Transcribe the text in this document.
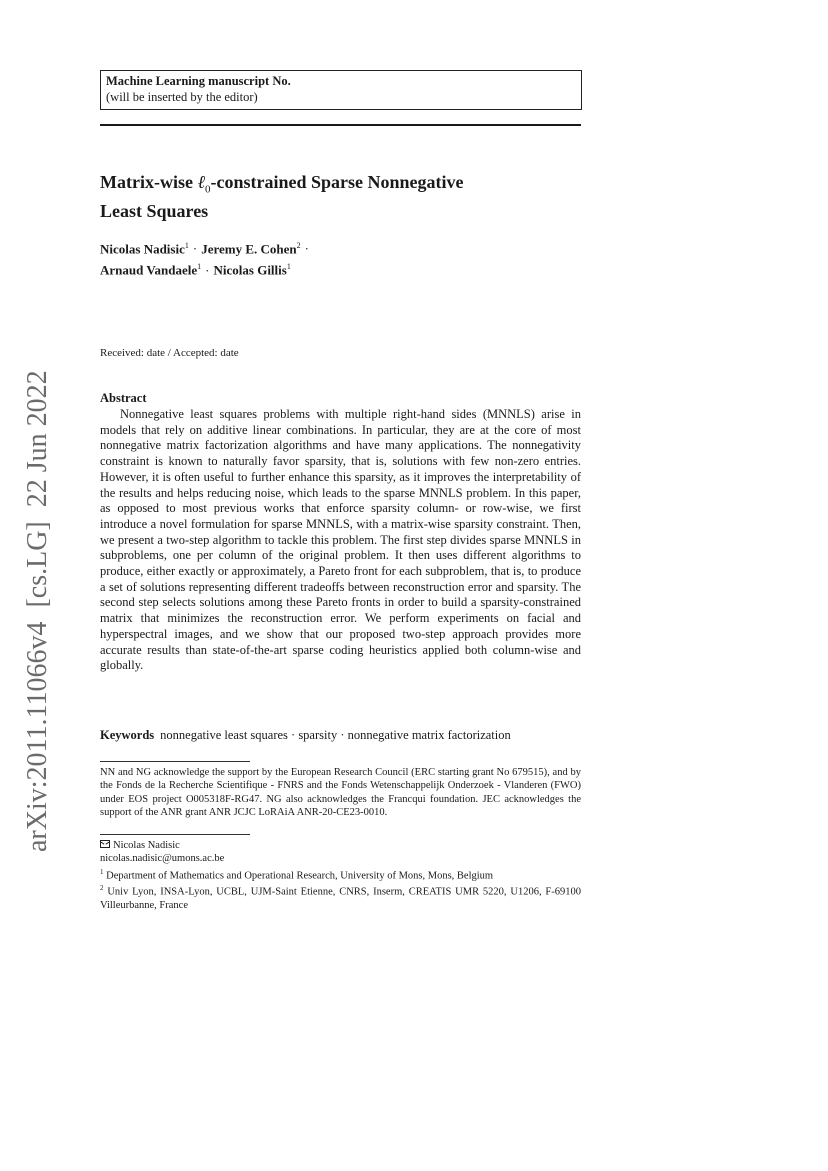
Machine Learning manuscript No.
(will be inserted by the editor)
Matrix-wise ℓ$_0$-constrained Sparse Nonnegative
Least Squares
Nicolas Nadisic$^1$ · Jeremy E. Cohen$^2$ ·
Arnaud Vandaele$^1$ · Nicolas Gillis$^1$
Received: date / Accepted: date
Abstract

Nonnegative least squares problems with multiple right-hand sides (MNNLS) arise in models that rely on additive linear combinations. In particular, they are at the core of most nonnegative matrix factorization algorithms and have many applications. The nonnegativity constraint is known to naturally favor sparsity, that is, solutions with few non-zero entries. However, it is often useful to further enhance this sparsity, as it improves the interpretability of the results and helps reducing noise, which leads to the sparse MNNLS problem. In this paper, as opposed to most previous works that enforce sparsity column- or row-wise, we first introduce a novel formulation for sparse MNNLS, with a matrix-wise sparsity constraint. Then, we present a two-step algorithm to tackle this problem. The first step divides sparse MNNLS in subproblems, one per column of the original problem. It then uses different algorithms to produce, either exactly or approximately, a Pareto front for each subproblem, that is, to produce a set of solutions representing different tradeoffs between reconstruction error and sparsity. The second step selects solutions among these Pareto fronts in order to build a sparsity-constrained matrix that minimizes the reconstruction error. We perform experiments on facial and hyperspectral images, and we show that our proposed two-step approach provides more accurate results than state-of-the-art sparse coding heuristics applied both column-wise and globally.

Keywords nonnegative least squares · sparsity · nonnegative matrix factorization

NN and NG acknowledge the support by the European Research Council (ERC starting grant No 679515), and by the Fonds de la Recherche Scientifique - FNRS and the Fonds Wetenschappelijk Onderzoek - Vlanderen (FWO) under EOS project O005318F-RG47. NG also acknowledges the Francqui foundation. JEC acknowledges the support of the ANR grant ANR JCJC LoRAiA ANR-20-CE23-0010.

Nicolas Nadisic
nicolas.nadisic@umons.ac.be
$^1$ Department of Mathematics and Operational Research, University of Mons, Mons, Belgium
$^2$ Univ Lyon, INSA-Lyon, UCBL, UJM-Saint Etienne, CNRS, Inserm, CREATIS UMR 5220, U1206, F-69100 Villeurbanne, France
arXiv:2011.11066v4  [cs.LG]  22 Jun 2022
